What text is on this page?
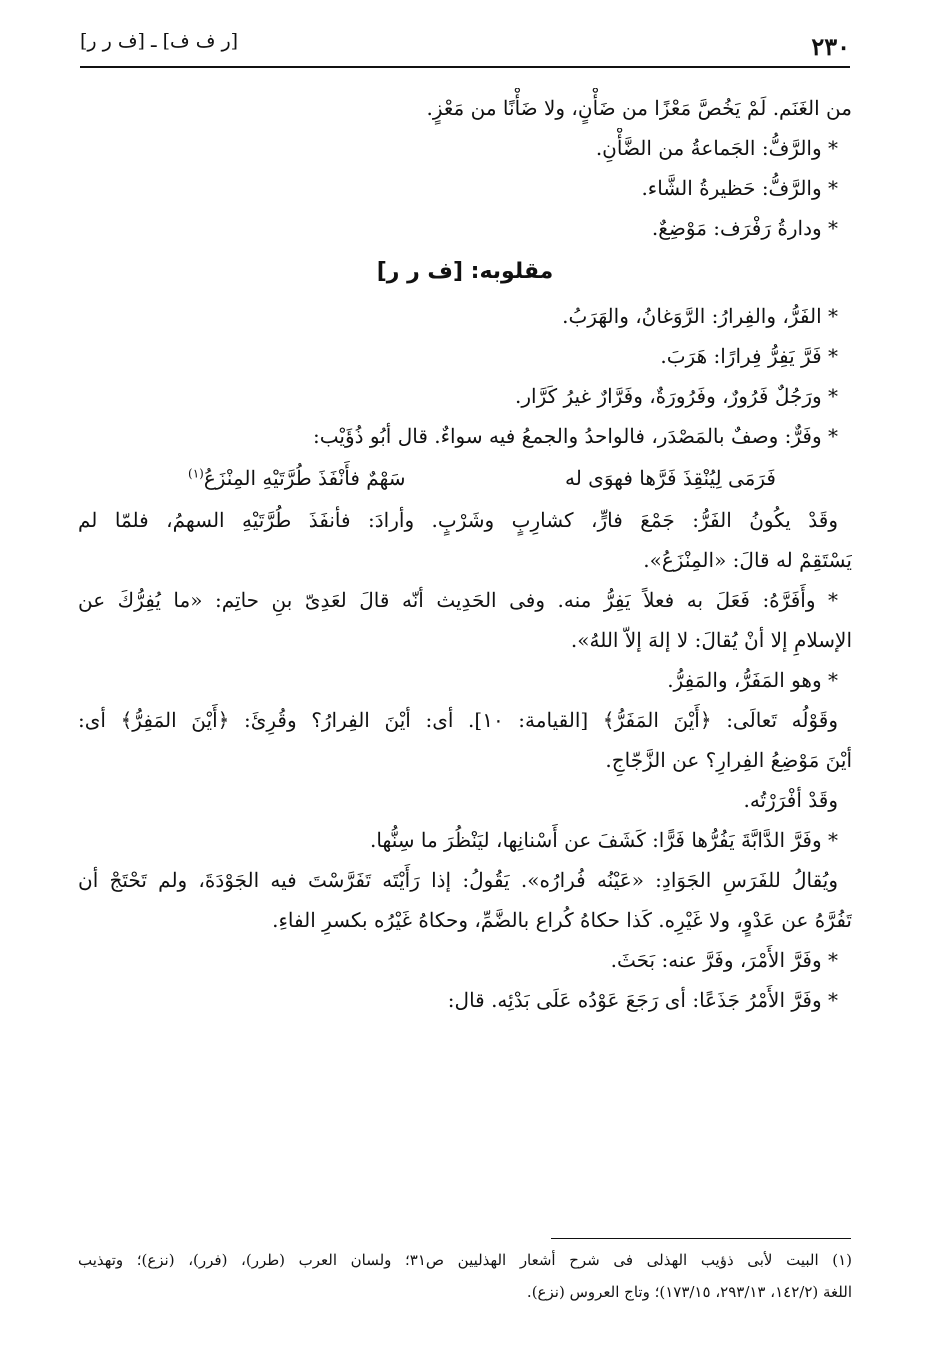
٢٣٠
[ر ف ف] ـ [ف ر ر]
من الغَنَم. لَمْ يَخُصَّ مَعْزًا من ضَأْنٍ، ولا ضَأْنًا من مَعْزٍ.
* والرَّفُّ: الجَماعةُ من الضَّأْنِ.
* والرَّفُّ: حَظيرةُ الشَّاء.
* ودارةُ رَفْرَف: مَوْضِعٌ.
مقلوبه: [ف ر ر]
* الفَرُّ، والفِرارُ: الرَّوَغانُ، والهَرَبُ.
* فَرَّ يَفِرُّ فِرارًا: هَرَبَ.
* ورَجُلٌ فَرُورٌ، وفَرُورَةٌ، وفَرَّارٌ غيرُ كَرَّار.
* وفَرٌّ: وصفٌ بالمَصْدَر، فالواحدُ والجمعُ فيه سواءٌ. قال أبُو ذُؤَيْب:
فَرَمَى لِيُنْقِذَ فَرَّها فهوَى له
سَهْمٌ فأَنْفَذَ طُرَّتَيْهِ المِنْزَعُ$^{(١)}$
وقَدْ يكُونُ الفَرُّ: جَمْعَ فارٍّ، كشارِبٍ وشَرْبٍ. وأرادَ: فأنفَذَ طُرَّتَيْهِ السهمُ، فلمّا لم
يَسْتَقِمْ له قالَ: «المِنْزَعُ».
* وأَفَرَّهُ: فَعَلَ به فعلاً يَفِرُّ منه. وفى الحَدِيث أنّه قالَ لعَدِىّ بنِ حاتِم: «ما يُفِرُّكَ عن
الإسلامِ إلا أنْ يُقالَ: لا إلهَ إلاّ اللهُ».
* وهو المَفَرُّ، والمَفِرُّ.
وقَوْلُه تَعالَى: ﴿أَيْنَ المَفَرُّ﴾ [القيامة: ١٠]. أى: أيْنَ الفِرارُ؟ وقُرِئَ: ﴿أَيْنَ المَفِرُّ﴾ أى:
أيْنَ مَوْضِعُ الفِرارِ؟ عن الزَّجّاجِ.
وقَدْ أفْرَرْتُه.
* وفَرَّ الدَّابَّةَ يَفُرُّها فَرًّا: كَشَفَ عن أَسْنانِها، ليَنْظُرَ ما سِنُّها.
ويُقالُ للفَرَسِ الجَوَادِ: «عَيْنُه فُرارُه». يَقُولُ: إذا رَأَيْتَه تَفَرَّسْتَ فيه الجَوْدَةَ، ولم تَحْتَجْ أن
تَفُرَّهُ عن عَدْوٍ، ولا غَيْرِه. كَذا حكاهُ كُراع بالضَّمِّ، وحكاهُ غَيْرُه بكسرِ الفاءِ.
* وفَرَّ الأَمْرَ، وفَرَّ عنه: بَحَثَ.
* وفَرَّ الأَمْرُ جَذَعًا: أى رَجَعَ عَوْدُه عَلَى بَدْئِه. قال:
(١) البيت لأبى ذؤيب الهذلى فى شرح أشعار الهذليين ص٣١؛ ولسان العرب (طرر)، (فرر)، (نزع)؛ وتهذيب
اللغة (١٤٢/٢، ٢٩٣/١٣، ١٧٣/١٥)؛ وتاج العروس (نزع).
